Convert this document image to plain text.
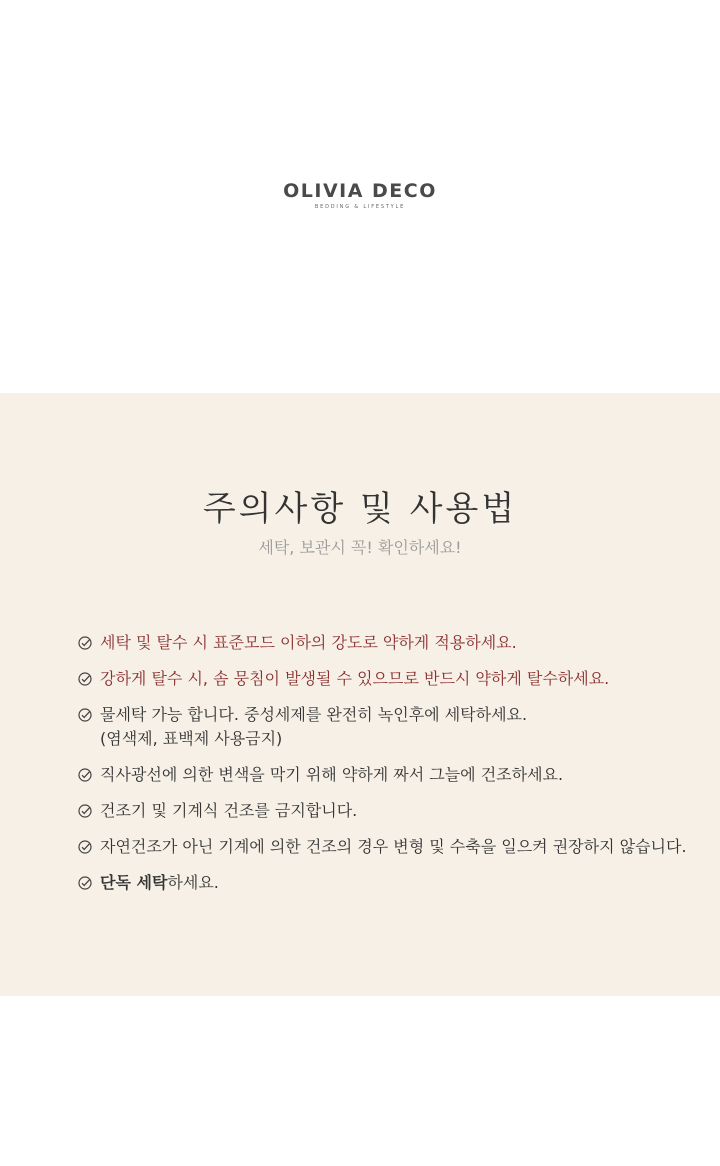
OLIVIA DECO
BEDDING & LIFESTYLE
주의사항 및 사용법

세탁, 보관시 꼭! 확인하세요!

세탁 및 탈수 시 표준모드 이하의 강도로 약하게 적용하세요.
강하게 탈수 시, 솜 뭉침이 발생될 수 있으므로 반드시 약하게 탈수하세요.
물세탁 가능 합니다. 중성세제를 완전히 녹인후에 세탁하세요.
(염색제, 표백제 사용금지)
직사광선에 의한 변색을 막기 위해 약하게 짜서 그늘에 건조하세요.
건조기 및 기계식 건조를 금지합니다.
자연건조가 아닌 기계에 의한 건조의 경우 변형 및 수축을 일으켜 권장하지 않습니다.
단독 세탁하세요.
